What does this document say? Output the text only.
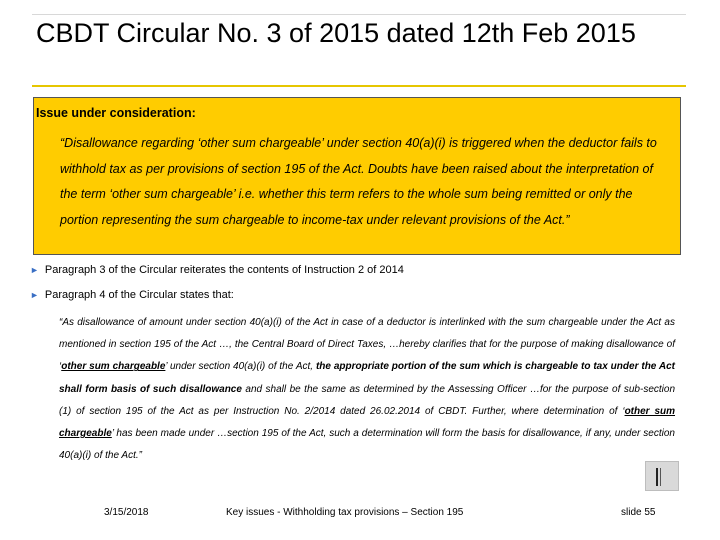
CBDT Circular No. 3 of 2015 dated 12th Feb 2015
Issue under consideration:
“Disallowance regarding ‘other sum chargeable’ under section 40(a)(i) is triggered when the deductor fails to withhold tax as per provisions of section 195 of the Act. Doubts have been raised about the interpretation of the term ‘other sum chargeable’ i.e. whether this term refers to the whole sum being remitted or only the portion representing the sum chargeable to income-tax under relevant provisions of the Act.”
► Paragraph 3 of the Circular reiterates the contents of Instruction 2 of 2014
► Paragraph 4 of the Circular states that:
“As disallowance of amount under section 40(a)(i) of the Act in case of a deductor is interlinked with the sum chargeable under the Act as mentioned in section 195 of the Act …, the Central Board of Direct Taxes, …hereby clarifies that for the purpose of making disallowance of ‘other sum chargeable’ under section 40(a)(i) of the Act, the appropriate portion of the sum which is chargeable to tax under the Act shall form basis of such disallowance and shall be the same as determined by the Assessing Officer …for the purpose of sub-section (1) of section 195 of the Act as per Instruction No. 2/2014 dated 26.02.2014 of CBDT. Further, where determination of ‘other sum chargeable’ has been made under …section 195 of the Act, such a determination will form the basis for disallowance, if any, under section 40(a)(i) of the Act.”
3/15/2018	Key issues - Withholding tax provisions – Section 195	slide 55
